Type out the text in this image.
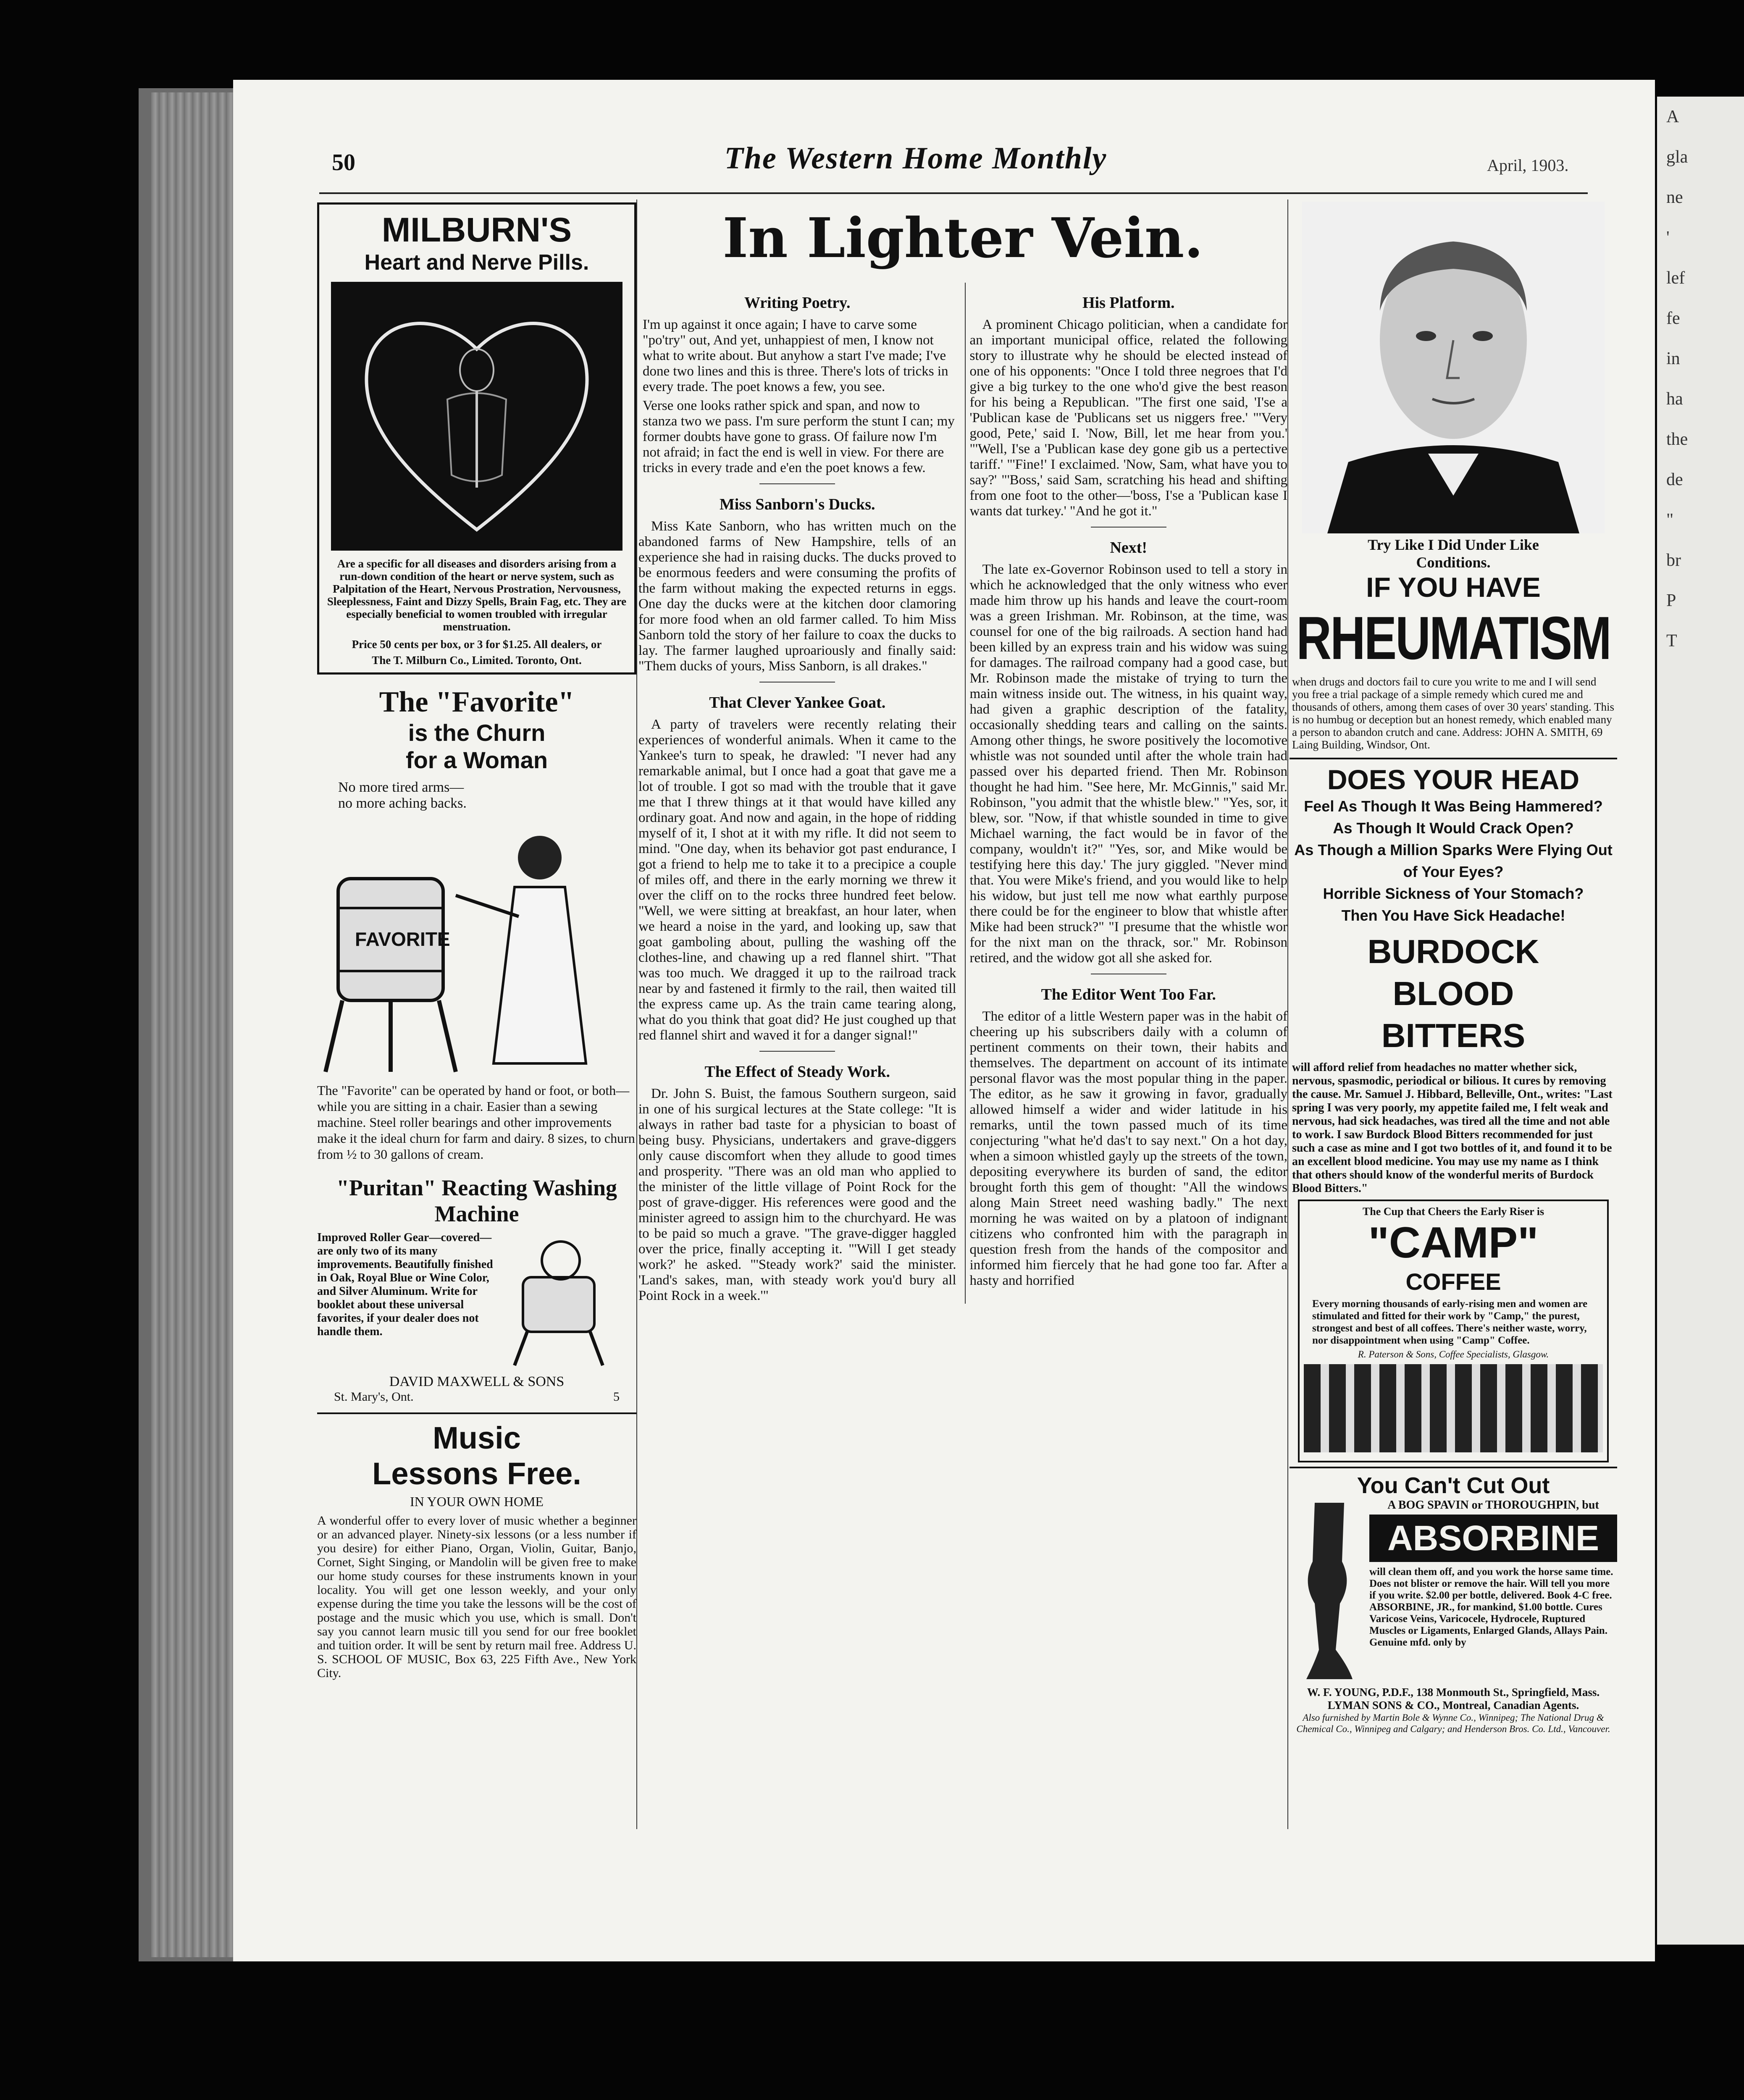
A
gla
ne
'
lef
fe
in
ha
the
de
"
br
P
T
50	The Western Home Monthly	April, 1903.
MILBURN'S
Heart and Nerve Pills.
Are a specific for all diseases and disorders arising from a run-down condition of the heart or nerve system, such as Palpitation of the Heart, Nervous Prostration, Nervousness, Sleeplessness, Faint and Dizzy Spells, Brain Fag, etc. They are especially beneficial to women troubled with irregular menstruation.
Price 50 cents per box, or 3 for $1.25. All dealers, or
The T. Milburn Co., Limited. Toronto, Ont.
The "Favorite"
is the Churn
for a Woman
No more tired arms—
no more aching backs.
FAVORITE
The "Favorite" can be operated by hand or foot, or both—while you are sitting in a chair. Easier than a sewing machine. Steel roller bearings and other improvements make it the ideal churn for farm and dairy. 8 sizes, to churn from ½ to 30 gallons of cream.
"Puritan" Reacting Washing Machine
Improved Roller Gear—covered—are only two of its many improvements. Beautifully finished in Oak, Royal Blue or Wine Color, and Silver Aluminum. Write for booklet about these universal favorites, if your dealer does not handle them.
DAVID MAXWELL & SONS
St. Mary's, Ont.	5
Music
Lessons Free.
IN YOUR OWN HOME
A wonderful offer to every lover of music whether a beginner or an advanced player. Ninety-six lessons (or a less number if you desire) for either Piano, Organ, Violin, Guitar, Banjo, Cornet, Sight Singing, or Mandolin will be given free to make our home study courses for these instruments known in your locality. You will get one lesson weekly, and your only expense during the time you take the lessons will be the cost of postage and the music which you use, which is small. Don't say you cannot learn music till you send for our free booklet and tuition order. It will be sent by return mail free. Address U. S. SCHOOL OF MUSIC, Box 63, 225 Fifth Ave., New York City.
In Lighter Vein.
Writing Poetry.

I'm up against it once again; I have to carve some "po'try" out, And yet, unhappiest of men, I know not what to write about. But anyhow a start I've made; I've done two lines and this is three. There's lots of tricks in every trade. The poet knows a few, you see.

Verse one looks rather spick and span, and now to stanza two we pass. I'm sure perform the stunt I can; my former doubts have gone to grass. Of failure now I'm not afraid; in fact the end is well in view. For there are tricks in every trade and e'en the poet knows a few.

Miss Sanborn's Ducks.

Miss Kate Sanborn, who has written much on the abandoned farms of New Hampshire, tells of an experience she had in raising ducks. The ducks proved to be enormous feeders and were consuming the profits of the farm without making the expected returns in eggs. One day the ducks were at the kitchen door clamoring for more food when an old farmer called. To him Miss Sanborn told the story of her failure to coax the ducks to lay. The farmer laughed uproariously and finally said: "Them ducks of yours, Miss Sanborn, is all drakes."

That Clever Yankee Goat.

A party of travelers were recently relating their experiences of wonderful animals. When it came to the Yankee's turn to speak, he drawled: "I never had any remarkable animal, but I once had a goat that gave me a lot of trouble. I got so mad with the trouble that it gave me that I threw things at it that would have killed any ordinary goat. And now and again, in the hope of ridding myself of it, I shot at it with my rifle. It did not seem to mind. "One day, when its behavior got past endurance, I got a friend to help me to take it to a precipice a couple of miles off, and there in the early morning we threw it over the cliff on to the rocks three hundred feet below. "Well, we were sitting at breakfast, an hour later, when we heard a noise in the yard, and looking up, saw that goat gamboling about, pulling the washing off the clothes-line, and chawing up a red flannel shirt. "That was too much. We dragged it up to the railroad track near by and fastened it firmly to the rail, then waited till the express came up. As the train came tearing along, what do you think that goat did? He just coughed up that red flannel shirt and waved it for a danger signal!"

The Effect of Steady Work.

Dr. John S. Buist, the famous Southern surgeon, said in one of his surgical lectures at the State college: "It is always in rather bad taste for a physician to boast of being busy. Physicians, undertakers and grave-diggers only cause discomfort when they allude to good times and prosperity. "There was an old man who applied to the minister of the little village of Point Rock for the post of grave-digger. His references were good and the minister agreed to assign him to the churchyard. He was to be paid so much a grave. "The grave-digger haggled over the price, finally accepting it. "'Will I get steady work?' he asked. "'Steady work?' said the minister. 'Land's sakes, man, with steady work you'd bury all Point Rock in a week.'"

His Platform.

A prominent Chicago politician, when a candidate for an important municipal office, related the following story to illustrate why he should be elected instead of one of his opponents: "Once I told three negroes that I'd give a big turkey to the one who'd give the best reason for his being a Republican. "The first one said, 'I'se a 'Publican kase de 'Publicans set us niggers free.' "'Very good, Pete,' said I. 'Now, Bill, let me hear from you.' "'Well, I'se a 'Publican kase dey gone gib us a pertective tariff.' "'Fine!' I exclaimed. 'Now, Sam, what have you to say?' "'Boss,' said Sam, scratching his head and shifting from one foot to the other—'boss, I'se a 'Publican kase I wants dat turkey.' "And he got it."

Next!

The late ex-Governor Robinson used to tell a story in which he acknowledged that the only witness who ever made him throw up his hands and leave the court-room was a green Irishman. Mr. Robinson, at the time, was counsel for one of the big railroads. A section hand had been killed by an express train and his widow was suing for damages. The railroad company had a good case, but Mr. Robinson made the mistake of trying to turn the main witness inside out. The witness, in his quaint way, had given a graphic description of the fatality, occasionally shedding tears and calling on the saints. Among other things, he swore positively the locomotive whistle was not sounded until after the whole train had passed over his departed friend. Then Mr. Robinson thought he had him. "See here, Mr. McGinnis," said Mr. Robinson, "you admit that the whistle blew." "Yes, sor, it blew, sor. "Now, if that whistle sounded in time to give Michael warning, the fact would be in favor of the company, wouldn't it?" "Yes, sor, and Mike would be testifying here this day.' The jury giggled. "Never mind that. You were Mike's friend, and you would like to help his widow, but just tell me now what earthly purpose there could be for the engineer to blow that whistle after Mike had been struck?" "I presume that the whistle wor for the nixt man on the thrack, sor." Mr. Robinson retired, and the widow got all she asked for.

The Editor Went Too Far.

The editor of a little Western paper was in the habit of cheering up his subscribers daily with a column of pertinent comments on their town, their habits and themselves. The department on account of its intimate personal flavor was the most popular thing in the paper. The editor, as he saw it growing in favor, gradually allowed himself a wider and wider latitude in his remarks, until the town passed much of its time conjecturing "what he'd das't to say next." On a hot day, when a simoon whistled gayly up the streets of the town, depositing everywhere its burden of sand, the editor brought forth this gem of thought: "All the windows along Main Street need washing badly." The next morning he was waited on by a platoon of indignant citizens who confronted him with the paragraph in question fresh from the hands of the compositor and informed him fiercely that he had gone too far. After a hasty and horrified

Try Like I Did Under Like
Conditions.
IF YOU HAVE
RHEUMATISM
when drugs and doctors fail to cure you write to me and I will send you free a trial package of a simple remedy which cured me and thousands of others, among them cases of over 30 years' standing. This is no humbug or deception but an honest remedy, which enabled many a person to abandon crutch and cane. Address: JOHN A. SMITH, 69 Laing Building, Windsor, Ont.
DOES YOUR HEAD
Feel As Though It Was Being Hammered?
As Though It Would Crack Open?
As Though a Million Sparks Were Flying Out of Your Eyes?
Horrible Sickness of Your Stomach?
Then You Have Sick Headache!
BURDOCK
BLOOD
BITTERS
will afford relief from headaches no matter whether sick, nervous, spasmodic, periodical or bilious. It cures by removing the cause. Mr. Samuel J. Hibbard, Belleville, Ont., writes: "Last spring I was very poorly, my appetite failed me, I felt weak and nervous, had sick headaches, was tired all the time and not able to work. I saw Burdock Blood Bitters recommended for just such a case as mine and I got two bottles of it, and found it to be an excellent blood medicine. You may use my name as I think that others should know of the wonderful merits of Burdock Blood Bitters."
The Cup that Cheers the Early Riser is
"CAMP"
COFFEE
Every morning thousands of early-rising men and women are stimulated and fitted for their work by "Camp," the purest, strongest and best of all coffees. There's neither waste, worry, nor disappointment when using "Camp" Coffee.
R. Paterson & Sons, Coffee Specialists, Glasgow.
You Can't Cut Out
A BOG SPAVIN or THOROUGHPIN, but
ABSORBINE
will clean them off, and you work the horse same time. Does not blister or remove the hair. Will tell you more if you write. $2.00 per bottle, delivered. Book 4-C free. ABSORBINE, JR., for mankind, $1.00 bottle. Cures Varicose Veins, Varicocele, Hydrocele, Ruptured Muscles or Ligaments, Enlarged Glands, Allays Pain. Genuine mfd. only by
W. F. YOUNG, P.D.F., 138 Monmouth St., Springfield, Mass.
LYMAN SONS & CO., Montreal, Canadian Agents.
Also furnished by Martin Bole & Wynne Co., Winnipeg; The National Drug & Chemical Co., Winnipeg and Calgary; and Henderson Bros. Co. Ltd., Vancouver.
